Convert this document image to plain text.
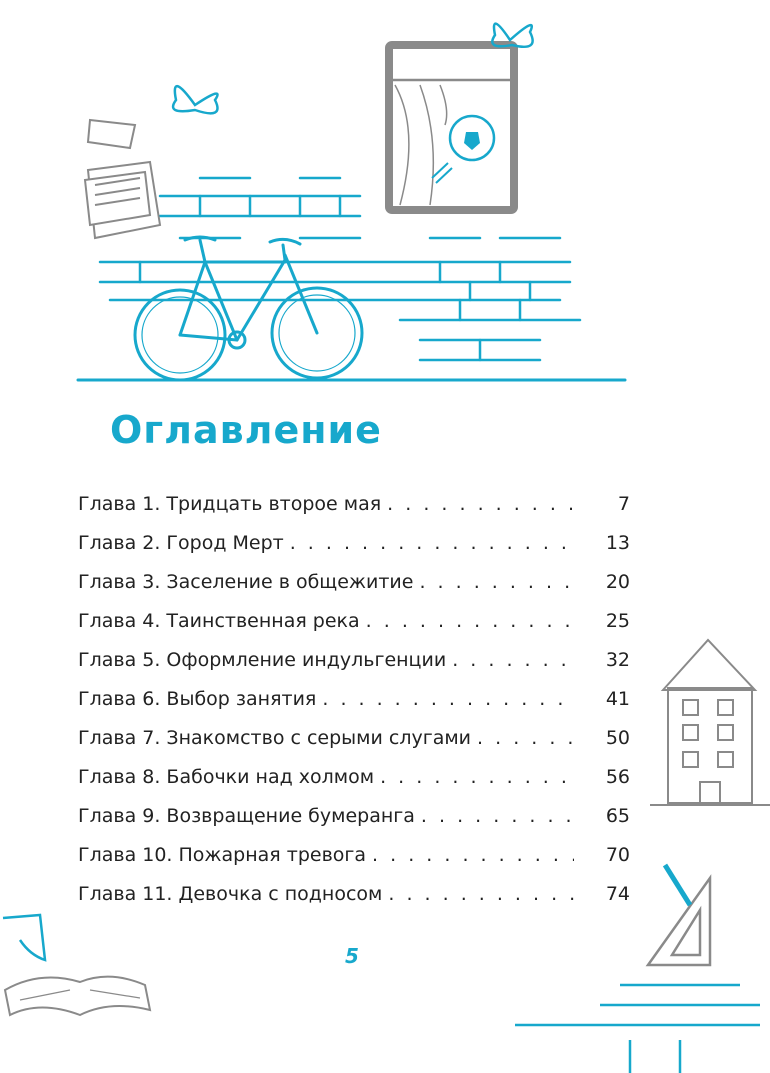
Оглавление
Глава 1. Тридцать второе мая . . .	7
Глава 2. Город Мерт . . .	13
Глава 3. Заселение в общежитие . . .	20
Глава 4. Таинственная река . . .	25
Глава 5. Оформление индульгенции . . .	32
Глава 6. Выбор занятия . . .	41
Глава 7. Знакомство с серыми слугами . . .	50
Глава 8. Бабочки над холмом . . .	56
Глава 9. Возвращение бумеранга . . .	65
Глава 10. Пожарная тревога . . .	70
Глава 11. Девочка с подносом . . .	74
5
